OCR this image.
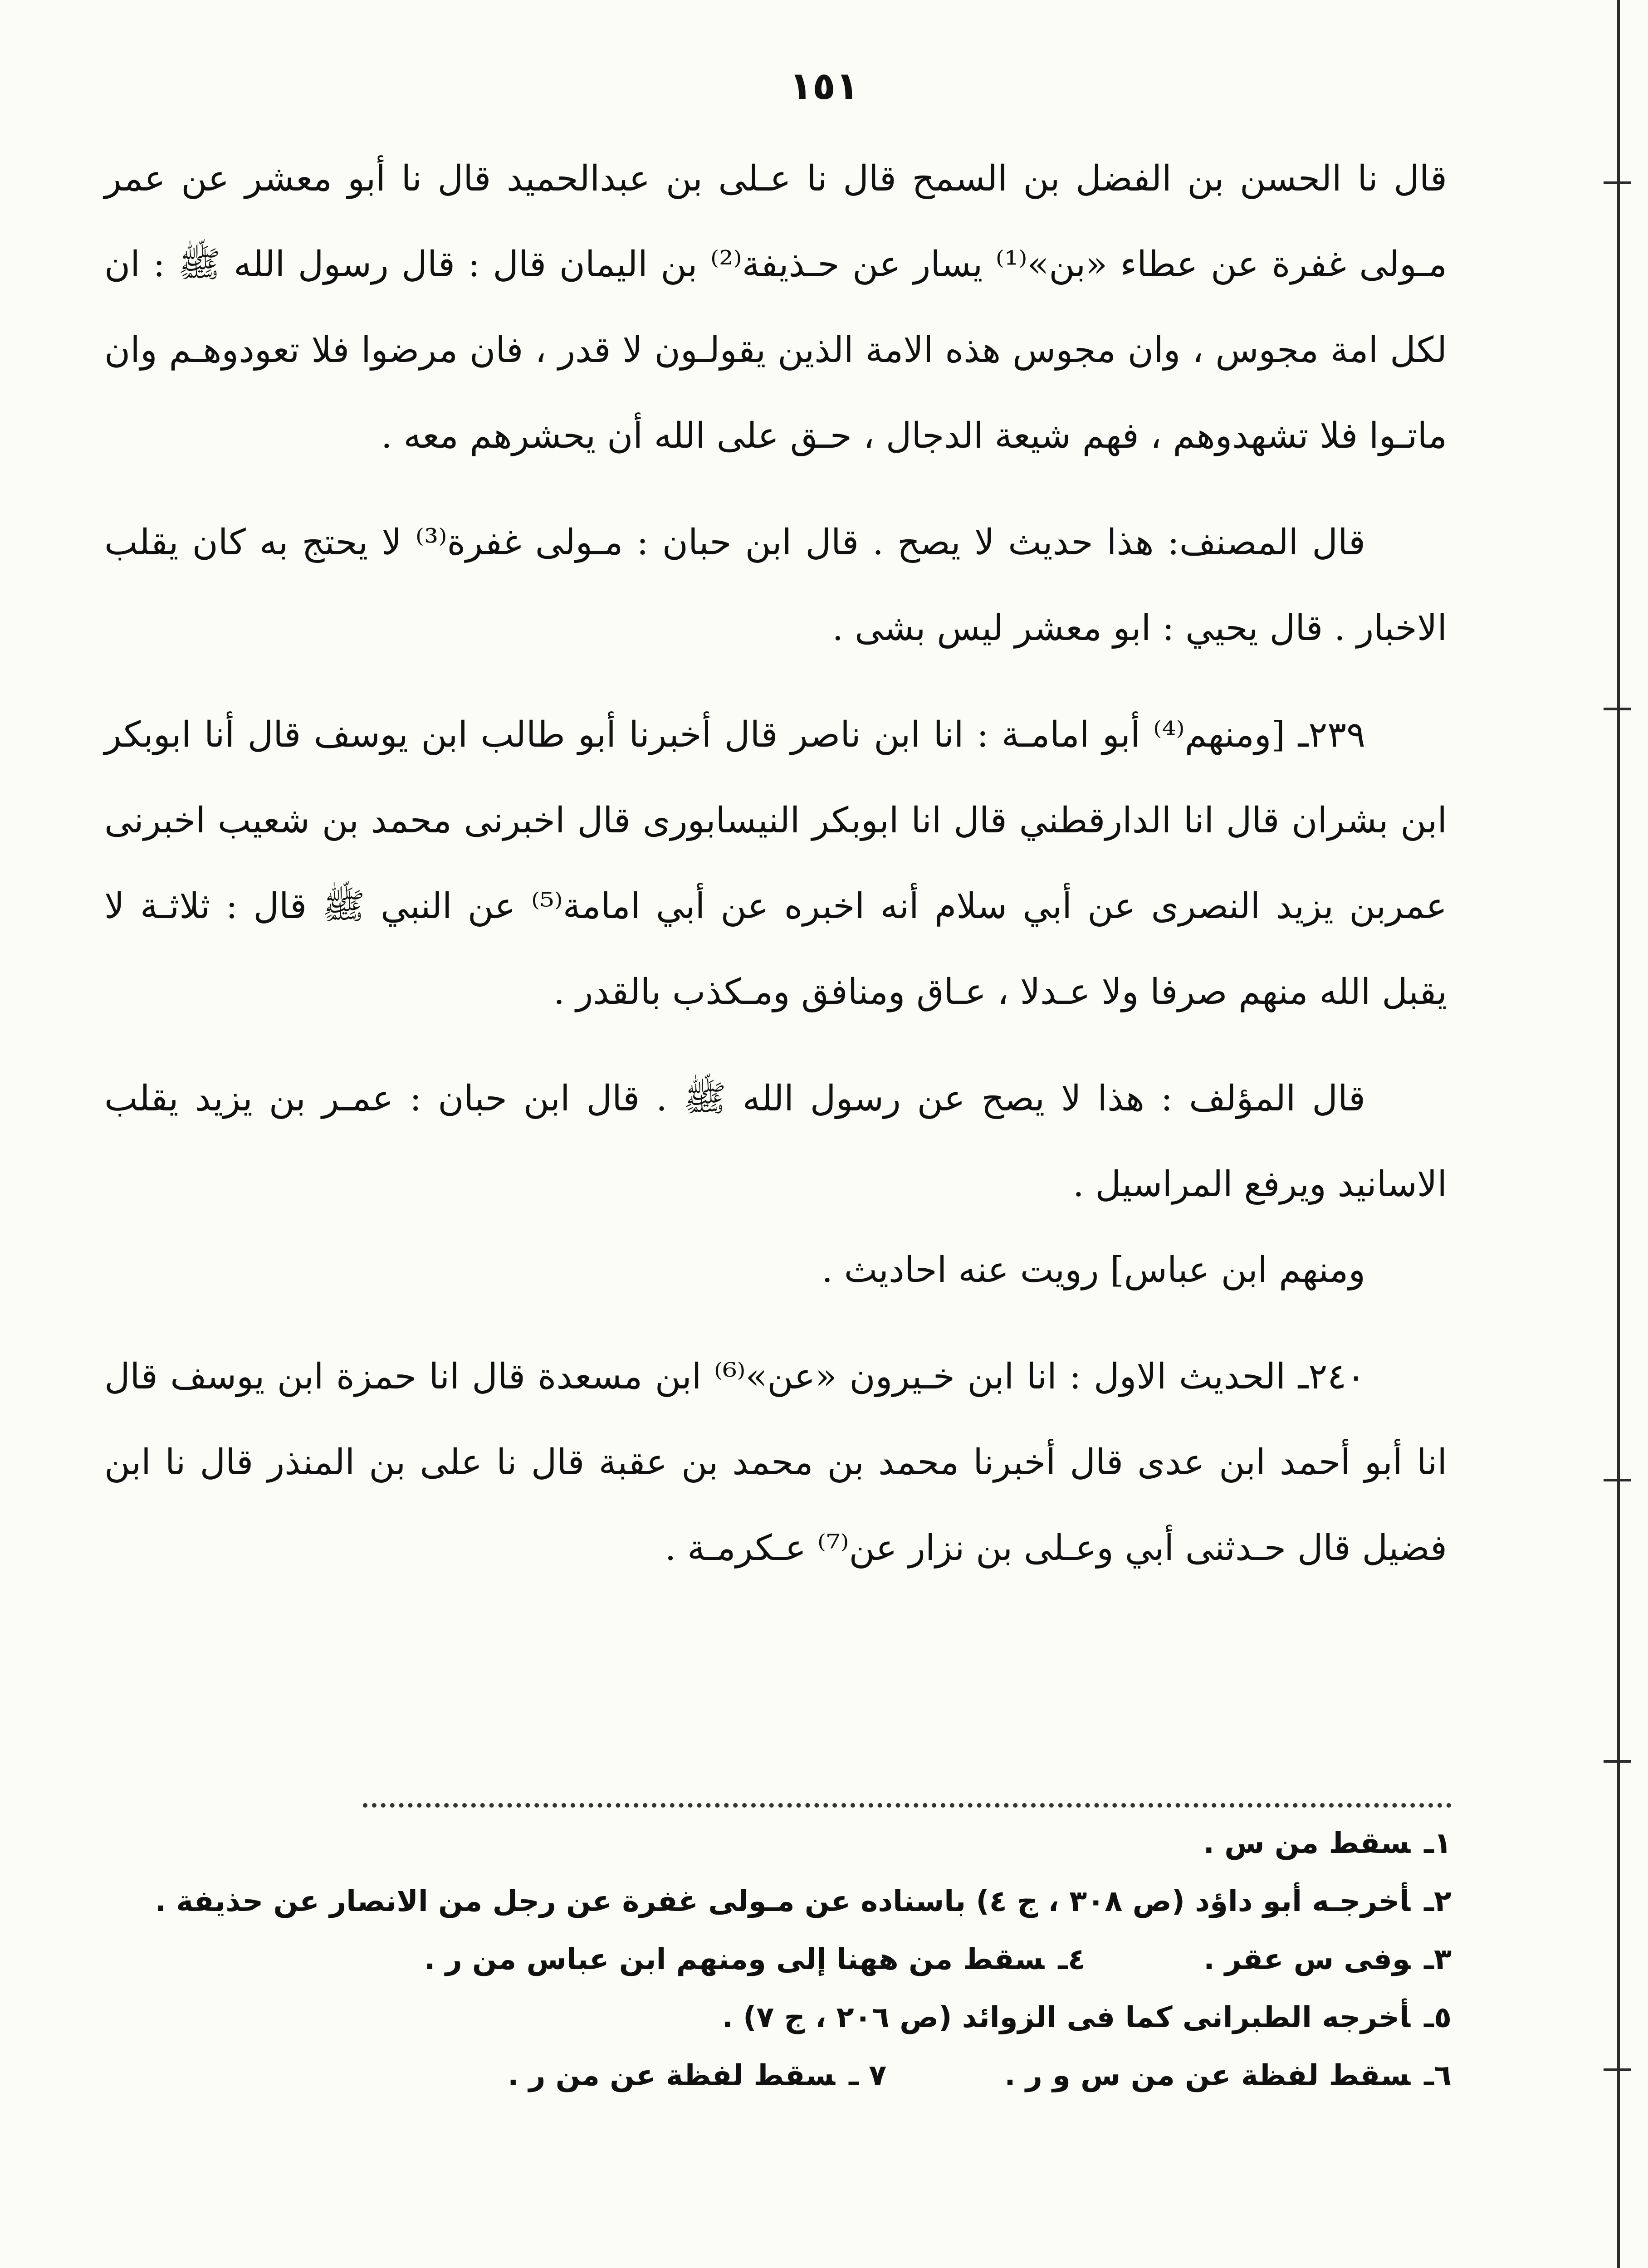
١٥١

قال نا الحسن بن الفضل بن السمح قال نا عـلى بن عبدالحميد قال نا أبو معشر عن عمر مـولى غفرة عن عطاء «بن»⁽¹⁾ يسار عن حـذيفة⁽²⁾ بن اليمان قال : قال رسول الله ﷺ : ان لكل امة مجوس ، وان مجوس هذه الامة الذين يقولـون لا قدر ، فان مرضوا فلا تعودوهـم وان ماتـوا فلا تشهدوهم ، فهم شيعة الدجال ، حـق على الله أن يحشرهم معه .

قال المصنف: هذا حديث لا يصح . قال ابن حبان : مـولى غفرة⁽³⁾ لا يحتج به كان يقلب الاخبار . قال يحيي : ابو معشر ليس بشى .

٢٣٩ـ [ومنهم⁽⁴⁾ أبو امامـة : انا ابن ناصر قال أخبرنا أبو طالب ابن يوسف قال أنا ابوبكر ابن بشران قال انا الدارقطني قال انا ابوبكر النيسابورى قال اخبرنى محمد بن شعيب اخبرنى عمربن يزيد النصرى عن أبي سلام أنه اخبره عن أبي امامة⁽⁵⁾ عن النبي ﷺ قال : ثلاثـة لا يقبل الله منهم صرفا ولا عـدلا ، عـاق ومنافق ومـكذب بالقدر .

قال المؤلف : هذا لا يصح عن رسول الله ﷺ . قال ابن حبان : عمـر بن يزيد يقلب الاسانيد ويرفع المراسيل .

ومنهم ابن عباس] رويت عنه احاديث .

٢٤٠ـ الحديث الاول : انا ابن خـيرون «عن»⁽⁶⁾ ابن مسعدة قال انا حمزة ابن يوسف قال انا أبو أحمد ابن عدى قال أخبرنا محمد بن محمد بن عقبة قال نا على بن المنذر قال نا ابن فضيل قال حـدثنى أبي وعـلى بن نزار عن⁽⁷⁾ عـكرمـة .

١ـسقط من س .

٢ـأخرجـه أبو داؤد (ص ٣٠٨ ، ج ٤) باسناده عن مـولى غفرة عن رجل من الانصار عن حذيفة .

٣ـوفى س عقر .
٤ـسقط من ههنا إلى ومنهم ابن عباس من ر .

٥ـأخرجه الطبرانى كما فى الزوائد (ص ٢٠٦ ، ج ٧) .

٦ـسقط لفظة عن من س و ر .
٧ ـسقط لفظة عن من ر .
